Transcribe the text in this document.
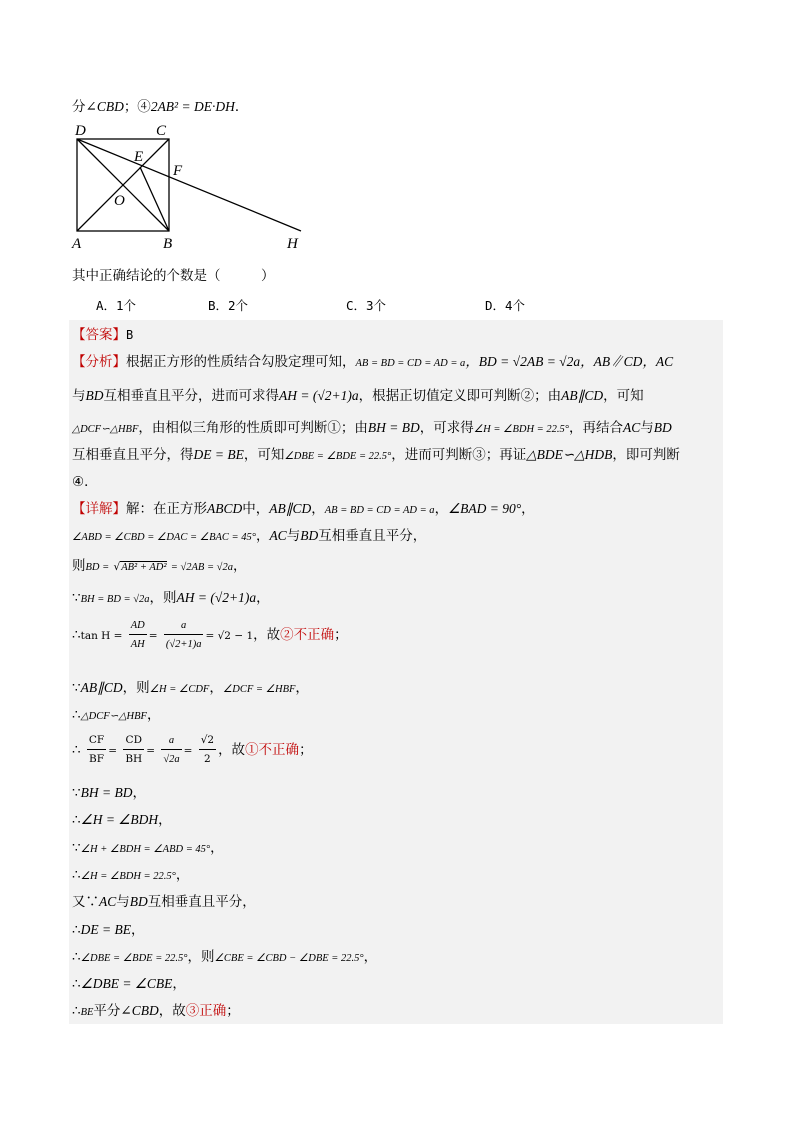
分∠CBD；④2AB² = DE·DH．
D	C
E
F
O
A	B	H
其中正确结论的个数是（　　　）
A．1个	B．2个	C．3个	D．4个
【答案】B
【分析】根据正方形的性质结合勾股定理可知，AB = BD = CD = AD = a，BD = √2AB = √2a，AB∥CD，AC
与BD互相垂直且平分，进而可求得AH = (√2+1)a，根据正切值定义即可判断②；由AB∥CD，可知
△DCF∽△HBF，由相似三角形的性质即可判断①；由BH = BD，可求得∠H = ∠BDH = 22.5°，再结合AC与BD
互相垂直且平分，得DE = BE，可知∠DBE = ∠BDE = 22.5°，进而可判断③；再证△BDE∽△HDB，即可判断
④．
【详解】解：在正方形ABCD中，AB∥CD，AB = BD = CD = AD = a，∠BAD = 90°，
∠ABD = ∠CBD = ∠DAC = ∠BAC = 45°，AC与BD互相垂直且平分，
则BD = √AB² + AD² = √2AB = √2a，
∵BH = BD = √2a，则AH = (√2+1)a，
∴tan $H = \frac{AD}{AH} = \frac{a}{(√2+1)a} = √2 - 1$，故②不正确；
∵AB∥CD，则∠H = ∠CDF，∠DCF = ∠HBF，
∴△DCF∽△HBF，
∴ $\frac{CF}{BF} = \frac{CD}{BH} = \frac{a}{√2a} = \frac{√2}{2}$ ，故①不正确；
∵BH = BD，
∴∠H = ∠BDH，
∵∠H + ∠BDH = ∠ABD = 45°，
∴∠H = ∠BDH = 22.5°，
又∵AC与BD互相垂直且平分，
∴DE = BE，
∴∠DBE = ∠BDE = 22.5°，则∠CBE = ∠CBD − ∠DBE = 22.5°，
∴∠DBE = ∠CBE，
∴BE平分∠CBD，故③正确；
